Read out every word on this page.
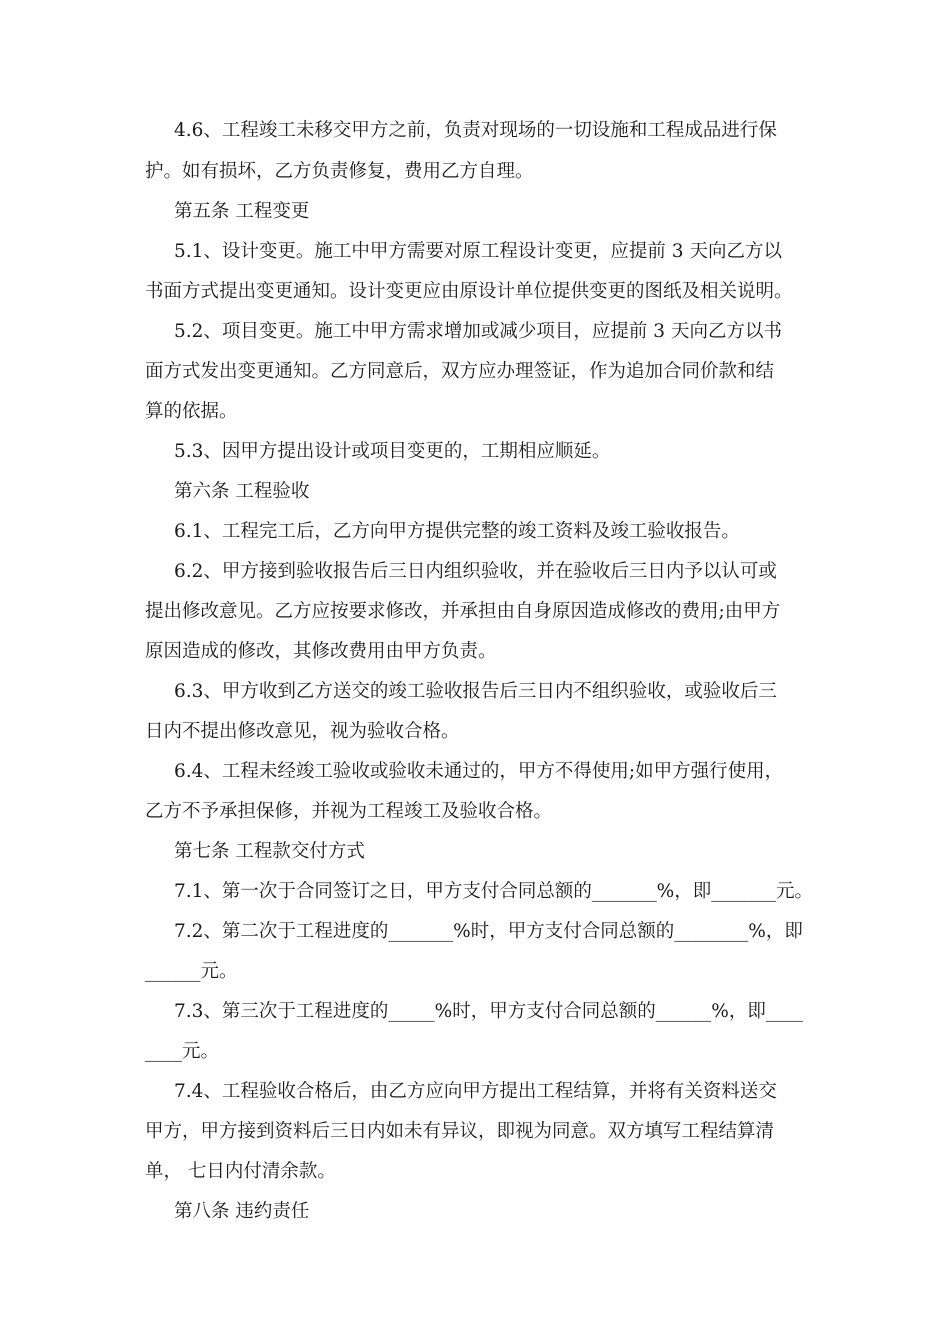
4.6、工程竣工未移交甲方之前，负责对现场的一切设施和工程成品进行保
护。如有损坏，乙方负责修复，费用乙方自理。
第五条 工程变更
5.1、设计变更。施工中甲方需要对原工程设计变更，应提前 3 天向乙方以
书面方式提出变更通知。设计变更应由原设计单位提供变更的图纸及相关说明。
5.2、项目变更。施工中甲方需求增加或减少项目，应提前 3 天向乙方以书
面方式发出变更通知。乙方同意后，双方应办理签证，作为追加合同价款和结
算的依据。
5.3、因甲方提出设计或项目变更的，工期相应顺延。
第六条 工程验收
6.1、工程完工后，乙方向甲方提供完整的竣工资料及竣工验收报告。
6.2、甲方接到验收报告后三日内组织验收，并在验收后三日内予以认可或
提出修改意见。乙方应按要求修改，并承担由自身原因造成修改的费用;由甲方
原因造成的修改，其修改费用由甲方负责。
6.3、甲方收到乙方送交的竣工验收报告后三日内不组织验收，或验收后三
日内不提出修改意见，视为验收合格。
6.4、工程未经竣工验收或验收未通过的，甲方不得使用;如甲方强行使用，
乙方不予承担保修，并视为工程竣工及验收合格。
第七条 工程款交付方式
7.1、第一次于合同签订之日，甲方支付合同总额的_______%，即_______元。
7.2、第二次于工程进度的_______%时，甲方支付合同总额的________%，即
______元。
7.3、第三次于工程进度的_____%时，甲方支付合同总额的______%，即____
____元。
7.4、工程验收合格后，由乙方应向甲方提出工程结算，并将有关资料送交
甲方，甲方接到资料后三日内如未有异议，即视为同意。双方填写工程结算清
单， 七日内付清余款。
第八条 违约责任
